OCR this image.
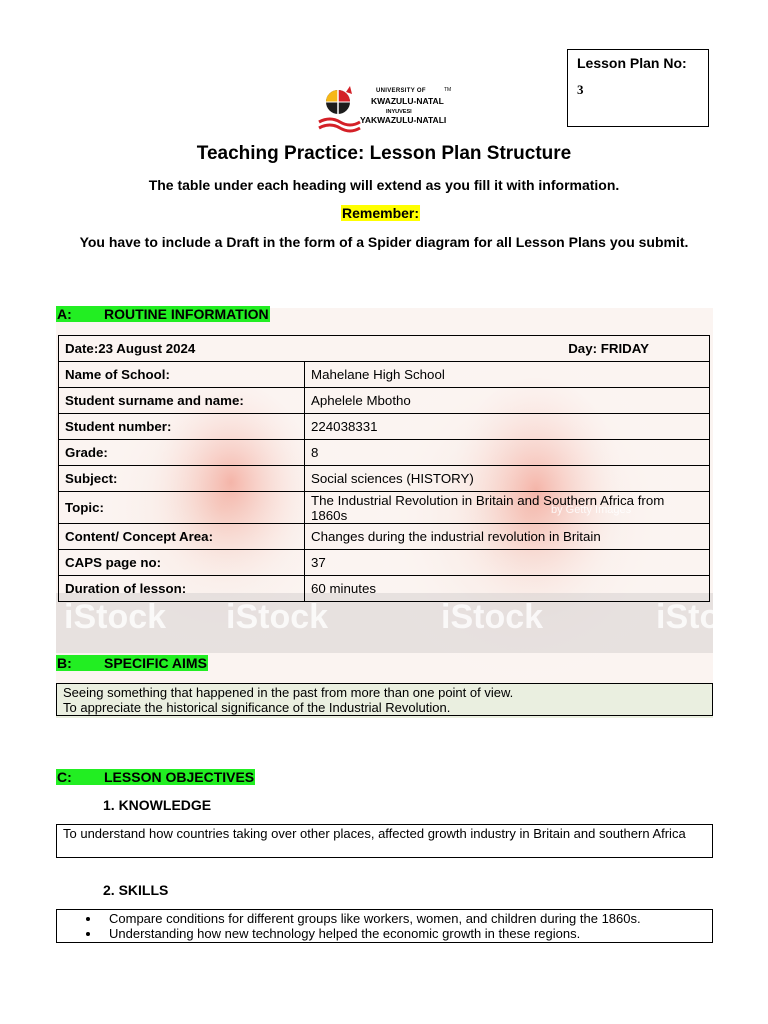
Lesson Plan No:
3
UNIVERSITY OF	TM
KWAZULU-NATAL
INYUVESI
YAKWAZULU-NATALI
Teaching Practice: Lesson Plan Structure
The table under each heading will extend as you fill it with information.
Remember:
You have to include a Draft in the form of a Spider diagram for all Lesson Plans you submit.
iStock iStock	iStock	iStock
by Getty Images
A: ROUTINE INFORMATION
Date:23 August 2024 Day: FRIDAY	

Name of School:	Mahelane High School
Student surname and name:	Aphelele Mbotho
Student number:	224038331
Grade:	8
Subject:	Social sciences (HISTORY)
Topic:	The Industrial Revolution in Britain and Southern Africa from 1860s
Content/ Concept Area:	Changes during the industrial revolution in Britain
CAPS page no:	37
Duration of lesson:	60 minutes
B: SPECIFIC AIMS
Seeing something that happened in the past from more than one point of view.
To appreciate the historical significance of the Industrial Revolution.
C: LESSON OBJECTIVES
1. KNOWLEDGE
To understand how countries taking over other places, affected growth industry in Britain and southern Africa
2. SKILLS
• Compare conditions for different groups like workers, women, and children during the 1860s.
• Understanding how new technology helped the economic growth in these regions.
